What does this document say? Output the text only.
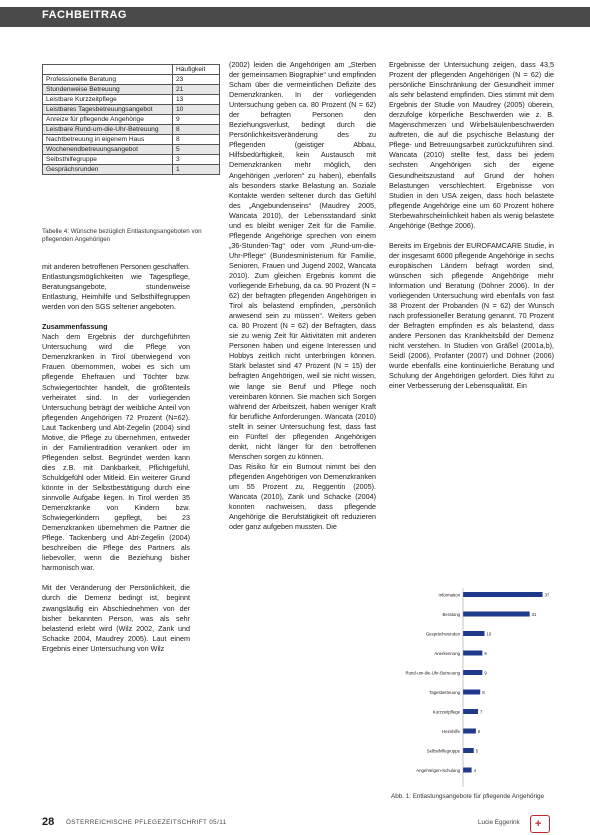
FACHBEITRAG
	Häufigkeit
Professionelle Beratung	23
Stundenweise Betreuung	21
Leistbare Kurzzeitpflege	13
Leistbares Tagesbetreuungsangebot	10
Anreize für pflegende Angehörige	9
Leistbare Rund-um-die-Uhr-Betreuung	8
Nachtbetreuung in eigenem Haus	8
Wochenendbetreuungsangebot	5
Selbsthilfegruppe	3
Gesprächsrunden	1
Tabelle 4: Wünsche bezüglich Entlastungsangeboten von pflegenden Angehörigen

mit anderen betroffenen Personen geschaffen. Entlastungsmöglichkeiten wie Tagespflege, Beratungsangebote, stundenweise Entlastung, Heimhilfe und Selbsthilfegruppen werden von den SGS seltener angeboten.

Zusammenfassung

Nach dem Ergebnis der durchgeführten Untersuchung wird die Pflege von Demenzkranken in Tirol überwiegend von Frauen übernommen, wobei es sich um pflegende Ehefrauen und Töchter bzw. Schwiegertöchter handelt, die größtenteils verheiratet sind. In der vorliegenden Untersuchung beträgt der weibliche Anteil von pflegenden Angehörigen 72 Prozent (N=62). Laut Tackenberg und Abt-Zegelin (2004) sind Motive, die Pflege zu übernehmen, entweder in der Familientradition verankert oder im Pflegenden selbst. Begründet werden kann dies z.B. mit Dankbarkeit, Pflichtgefühl, Schuldgefühl oder Mitleid. Ein weiterer Grund könnte in der Selbstbestätigung durch eine sinnvolle Aufgabe liegen. In Tirol werden 35 Demenzkranke von Kindern bzw. Schwiegerkindern gepflegt, bei 23 Demenzkranken übernehmen die Partner die Pflege. Tackenberg und Abt-Zegelin (2004) beschreiben die Pflege des Partners als liebevoller, wenn die Beziehung bisher harmonisch war.

Mit der Veränderung der Persönlichkeit, die durch die Demenz bedingt ist, beginnt zwangsläufig ein Abschiednehmen von der bisher bekannten Person, was als sehr belastend erlebt wird (Wilz 2002, Zank und Schacke 2004, Maudrey 2005). Laut einem Ergebnis einer Untersuchung von Wilz

(2002) leiden die Angehörigen am „Sterben der gemeinsamen Biographie“ und empfinden Scham über die vermeintlichen Defizite des Demenzkranken. In der vorliegenden Untersuchung geben ca. 80 Prozent (N = 62) der befragten Personen den Beziehungsverlust, bedingt durch die Persönlichkeitsveränderung des zu Pflegenden (geistiger Abbau, Hilfsbedürftigkeit, kein Austausch mit Demenzkranken mehr möglich, den Angehörigen „verloren“ zu haben), ebenfalls als besonders starke Belastung an. Soziale Kontakte werden seltener durch das Gefühl des „Angebundenseins“ (Maudrey 2005, Wancata 2010), der Lebensstandard sinkt und es bleibt weniger Zeit für die Familie. Pflegende Angehörige sprechen von einem „36-Stunden-Tag“ oder vom „Rund-um-die-Uhr-Pflege“ (Bundesministerium für Familie, Senioren, Frauen und Jugend 2002, Wancata 2010). Zum gleichen Ergebnis kommt die vorliegende Erhebung, da ca. 90 Prozent (N = 62) der befragten pflegenden Angehörigen in Tirol als belastend empfinden, „persönlich anwesend sein zu müssen“. Weiters geben ca. 80 Prozent (N = 62) der Befragten, dass sie zu wenig Zeit für Aktivitäten mit anderen Personen haben und eigene Interessen und Hobbys zeitlich nicht unterbringen können. Stark belastet sind 47 Prozent (N = 15) der befragten Angehörigen, weil sie nicht wissen, wie lange sie Beruf und Pflege noch vereinbaren können. Sie machen sich Sorgen während der Arbeitszeit, haben weniger Kraft für berufliche Anforderungen. Wancata (2010) stellt in seiner Untersuchung fest, dass fast ein Fünftel der pflegenden Angehörigen denkt, nicht länger für den betroffenen Menschen sorgen zu können.

Das Risiko für ein Burnout nimmt bei den pflegenden Angehörigen von Demenzkranken um 55 Prozent zu, Reggentin (2005). Wancata (2010), Zank und Schacke (2004) konnten nachweisen, dass pflegende Angehörige die Berufstätigkeit oft reduzieren oder ganz aufgeben mussten. Die

Ergebnisse der Untersuchung zeigen, dass 43,5 Prozent der pflegenden Angehörigen (N = 62) die persönliche Einschränkung der Gesundheit immer als sehr belastend empfinden. Dies stimmt mit dem Ergebnis der Studie von Maudrey (2005) überein, derzufolge körperliche Beschwerden wie z. B. Magenschmerzen und Wirbelsäulenbeschwerden auftreten, die auf die psychische Belastung der Pflege- und Betreuungsarbeit zurückzuführen sind. Wancata (2010) stellte fest, dass bei jedem sechsten Angehörigen sich der eigene Gesundheitszustand auf Grund der hohen Belastungen verschlechtert. Ergebnisse von Studien in den USA zeigen, dass hoch belastete pflegende Angehörige eine um 60 Prozent höhere Sterbewahrscheinlichkeit haben als wenig belastete Angehörige (Bethge 2006).

Bereits im Ergebnis der EUROFAMCARE Studie, in der insgesamt 6000 pflegende Angehörige in sechs europäischen Ländern befragt worden sind, wünschen sich pflegende Angehörige mehr Information und Beratung (Döhner 2006). In der vorliegenden Untersuchung wird ebenfalls von fast 38 Prozent der Probanden (N = 62) der Wunsch nach professioneller Beratung genannt. 70 Prozent der Befragten empfinden es als belastend, dass andere Personen das Krankheitsbild der Demenz nicht verstehen. In Studien von Gräßel (2001a,b), Seidl (2006), Profanter (2007) und Döhner (2006) wurde ebenfalls eine kontinuierliche Beratung und Schulung der Angehörigen gefordert. Dies führt zu einer Verbesserung der Lebensqualität. Ein

Information	37
Beratung	31
Gesprächsrunden	10
Anerkennung	9
Rund-um-die-Uhr-Betreuung	9
Tagesbetreuung	8
Kurzzeitpflege	7
Heimhilfe	6
Selbsthilfegruppe	5
Angehörigen-Schulung	4
Abb. 1: Entlastungsangebote für pflegende Angehörige
28 ÖSTERREICHISCHE PFLEGEZEITSCHRIFT 05/11	Lucie Eggerink +
